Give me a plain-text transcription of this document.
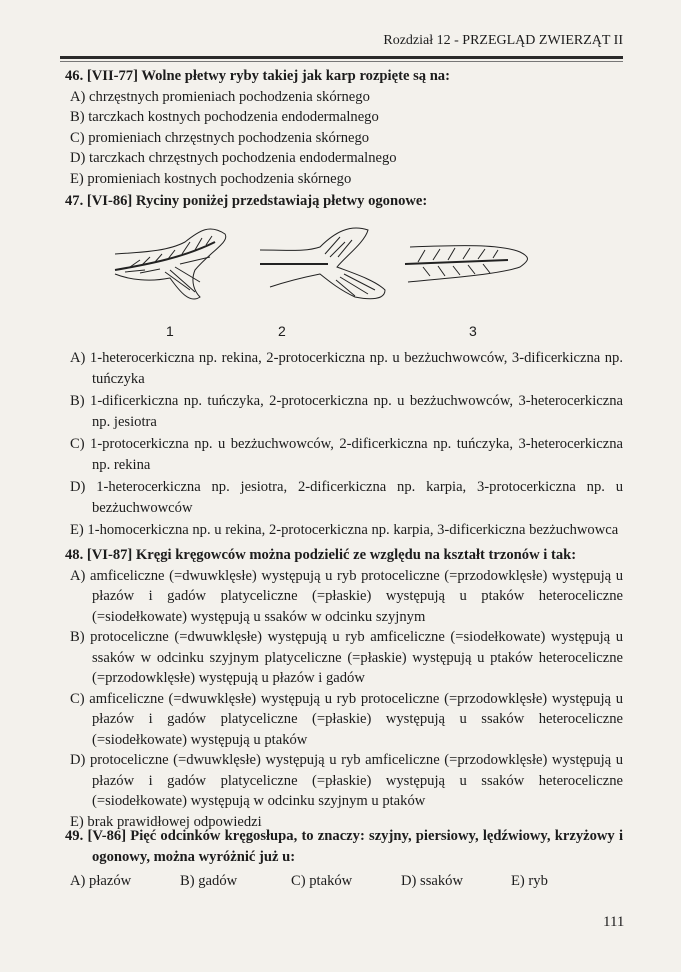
Rozdział 12 - PRZEGLĄD ZWIERZĄT II
46. [VII-77] Wolne płetwy ryby takiej jak karp rozpięte są na:
A) chrzęstnych promieniach pochodzenia skórnego
B) tarczkach kostnych pochodzenia endodermalnego
C) promieniach chrzęstnych pochodzenia skórnego
D) tarczkach chrzęstnych pochodzenia endodermalnego
E) promieniach kostnych pochodzenia skórnego
47. [VI-86] Ryciny poniżej przedstawiają płetwy ogonowe:
1	2	3
A) 1-heterocerkiczna np. rekina, 2-protocerkiczna np. u bezżuchwowców, 3-dificerkiczna np. tuńczyka
B) 1-dificerkiczna np. tuńczyka, 2-protocerkiczna np. u bezżuchwowców, 3-heterocerkiczna np. jesiotra
C) 1-protocerkiczna np. u bezżuchwowców, 2-dificerkiczna np. tuńczyka, 3-heterocerkiczna np. rekina
D) 1-heterocerkiczna np. jesiotra, 2-dificerkiczna np. karpia, 3-protocerkiczna np. u bezżuchwowców
E) 1-homocerkiczna np. u rekina, 2-protocerkiczna np. karpia, 3-dificerkiczna bezżuchwowca
48. [VI-87] Kręgi kręgowców można podzielić ze względu na kształt trzonów i tak:
A) amficeliczne (=dwuwklęsłe) występują u ryb protoceliczne (=przodowklęsłe) występują u płazów i gadów platyceliczne (=płaskie) występują u ptaków heteroceliczne (=siodełkowate) występują u ssaków w odcinku szyjnym
B) protoceliczne (=dwuwklęsłe) występują u ryb amficeliczne (=siodełkowate) występują u ssaków w odcinku szyjnym platyceliczne (=płaskie) występują u ptaków heteroceliczne (=przodowklęsłe) występują u płazów i gadów
C) amficeliczne (=dwuwklęsłe) występują u ryb protoceliczne (=przodowklęsłe) występują u płazów i gadów platyceliczne (=płaskie) występują u ssaków heteroceliczne (=siodełkowate) występują u ptaków
D) protoceliczne (=dwuwklęsłe) występują u ryb amficeliczne (=przodowklęsłe) występują u płazów i gadów platyceliczne (=płaskie) występują u ssaków heteroceliczne (=siodełkowate) występują w odcinku szyjnym u ptaków
E) brak prawidłowej odpowiedzi
49. [V-86] Pięć odcinków kręgosłupa, to znaczy: szyjny, piersiowy, lędźwiowy, krzyżowy i ogonowy, można wyróżnić już u:
A) płazów	B) gadów	C) ptaków	D) ssaków	E) ryb
111
